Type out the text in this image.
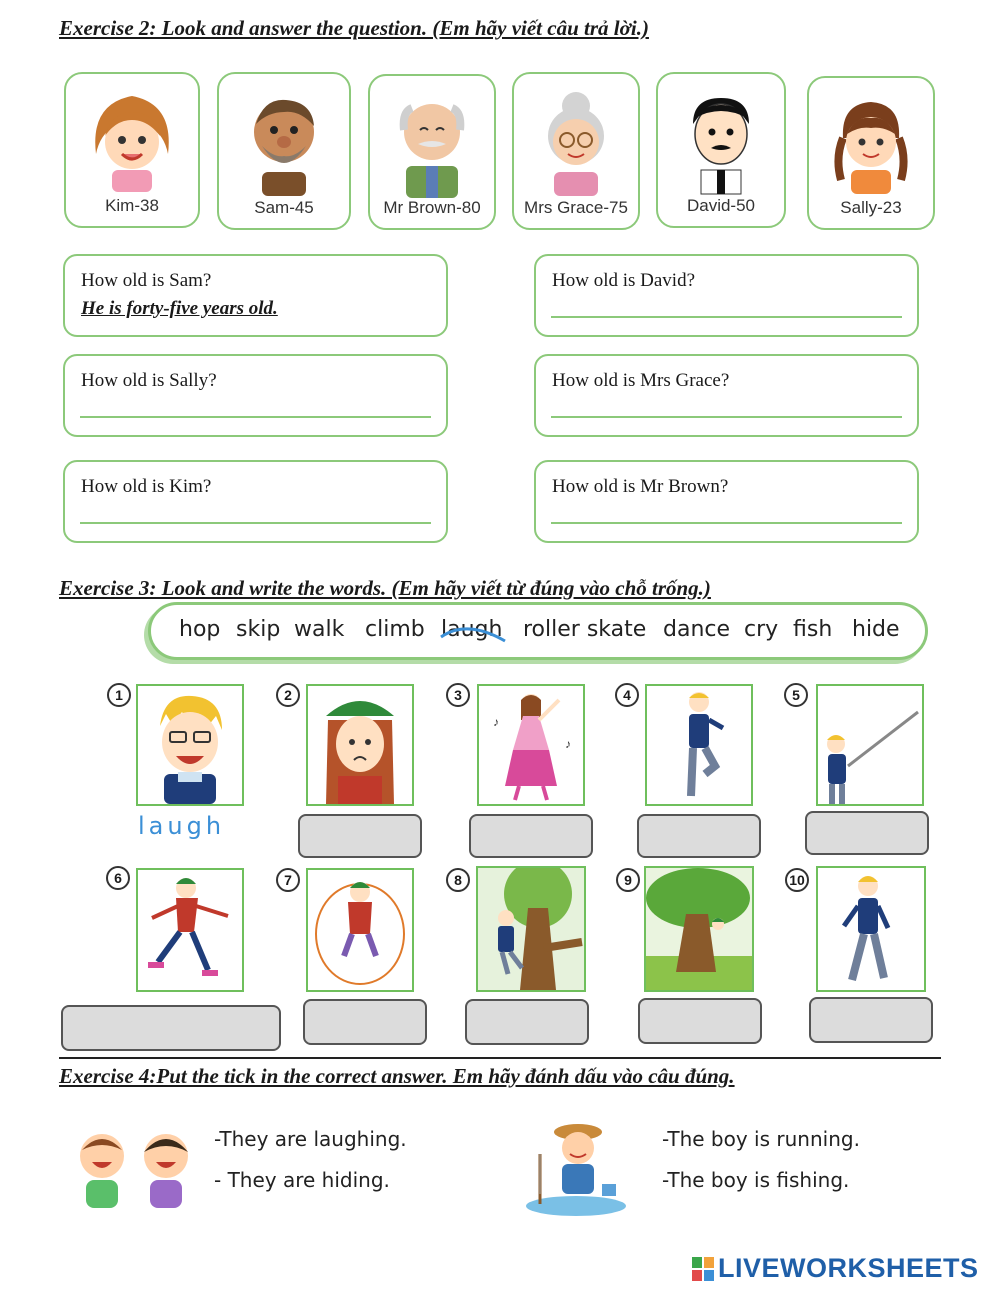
Exercise 2: Look and answer the question. (Em hãy viết câu trả lời.)
Kim-38	Sam-45	Mr Brown-80	Mrs Grace-75	David-50	Sally-23
How old is Sam?
He is forty-five years old.
How old is David?
How old is Sally?	How old is Mrs Grace?
How old is Kim?	How old is Mr Brown?
Exercise 3: Look and write the words. (Em hãy viết từ đúng vào chỗ trống.)
hop skip walk climb laugh roller skate dance cry fish hide
1
laugh
2	3
♪
♪
4	5
6	7	8	9	10
Exercise 4:Put the tick in the correct answer. Em hãy đánh dấu vào câu đúng.
-They are laughing.
- They are hiding.
-The boy is running.
-The boy is fishing.
LIVEWORKSHEETS
